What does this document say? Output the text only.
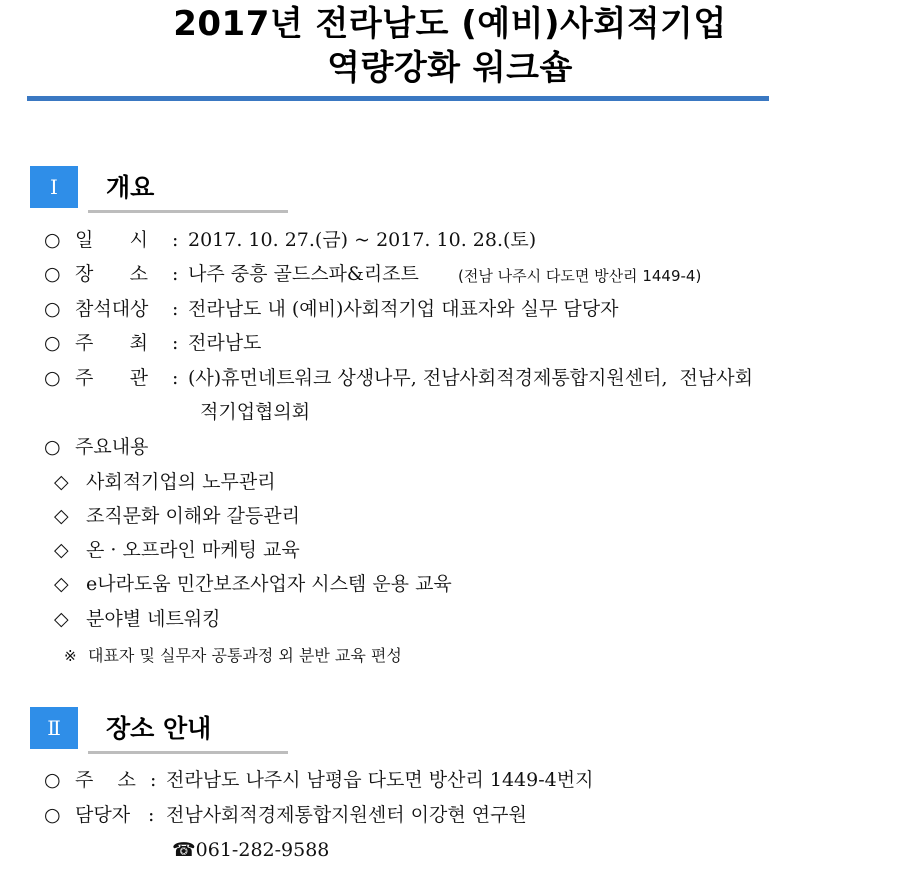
2017년 전라남도 (예비)사회적기업
역량강화 워크숍
Ⅰ	개요
○ 일      시 : 2017. 10. 27.(금) ~ 2017. 10. 28.(토)
○ 장      소 : 나주 중흥 골드스파&리조트	(전남 나주시 다도면 방산리 1449-4)
○ 참석대상 : 전라남도 내 (예비)사회적기업 대표자와 실무 담당자
○ 주      최 : 전라남도
○ 주      관 : (사)휴먼네트워크 상생나무, 전남사회적경제통합지원센터,  전남사회
적기업협의회
○ 주요내용
◇ 사회적기업의 노무관리
◇ 조직문화 이해와 갈등관리
◇ 온 · 오프라인 마케팅 교육
◇ e나라도움 민간보조사업자 시스템 운용 교육
◇ 분야별 네트워킹
※ 대표자 및 실무자 공통과정 외 분반 교육 편성
Ⅱ	장소 안내
○ 주    소 : 전라남도 나주시 남평읍 다도면 방산리 1449-4번지
○ 담당자 : 전남사회적경제통합지원센터 이강현 연구원
☎061-282-9588
